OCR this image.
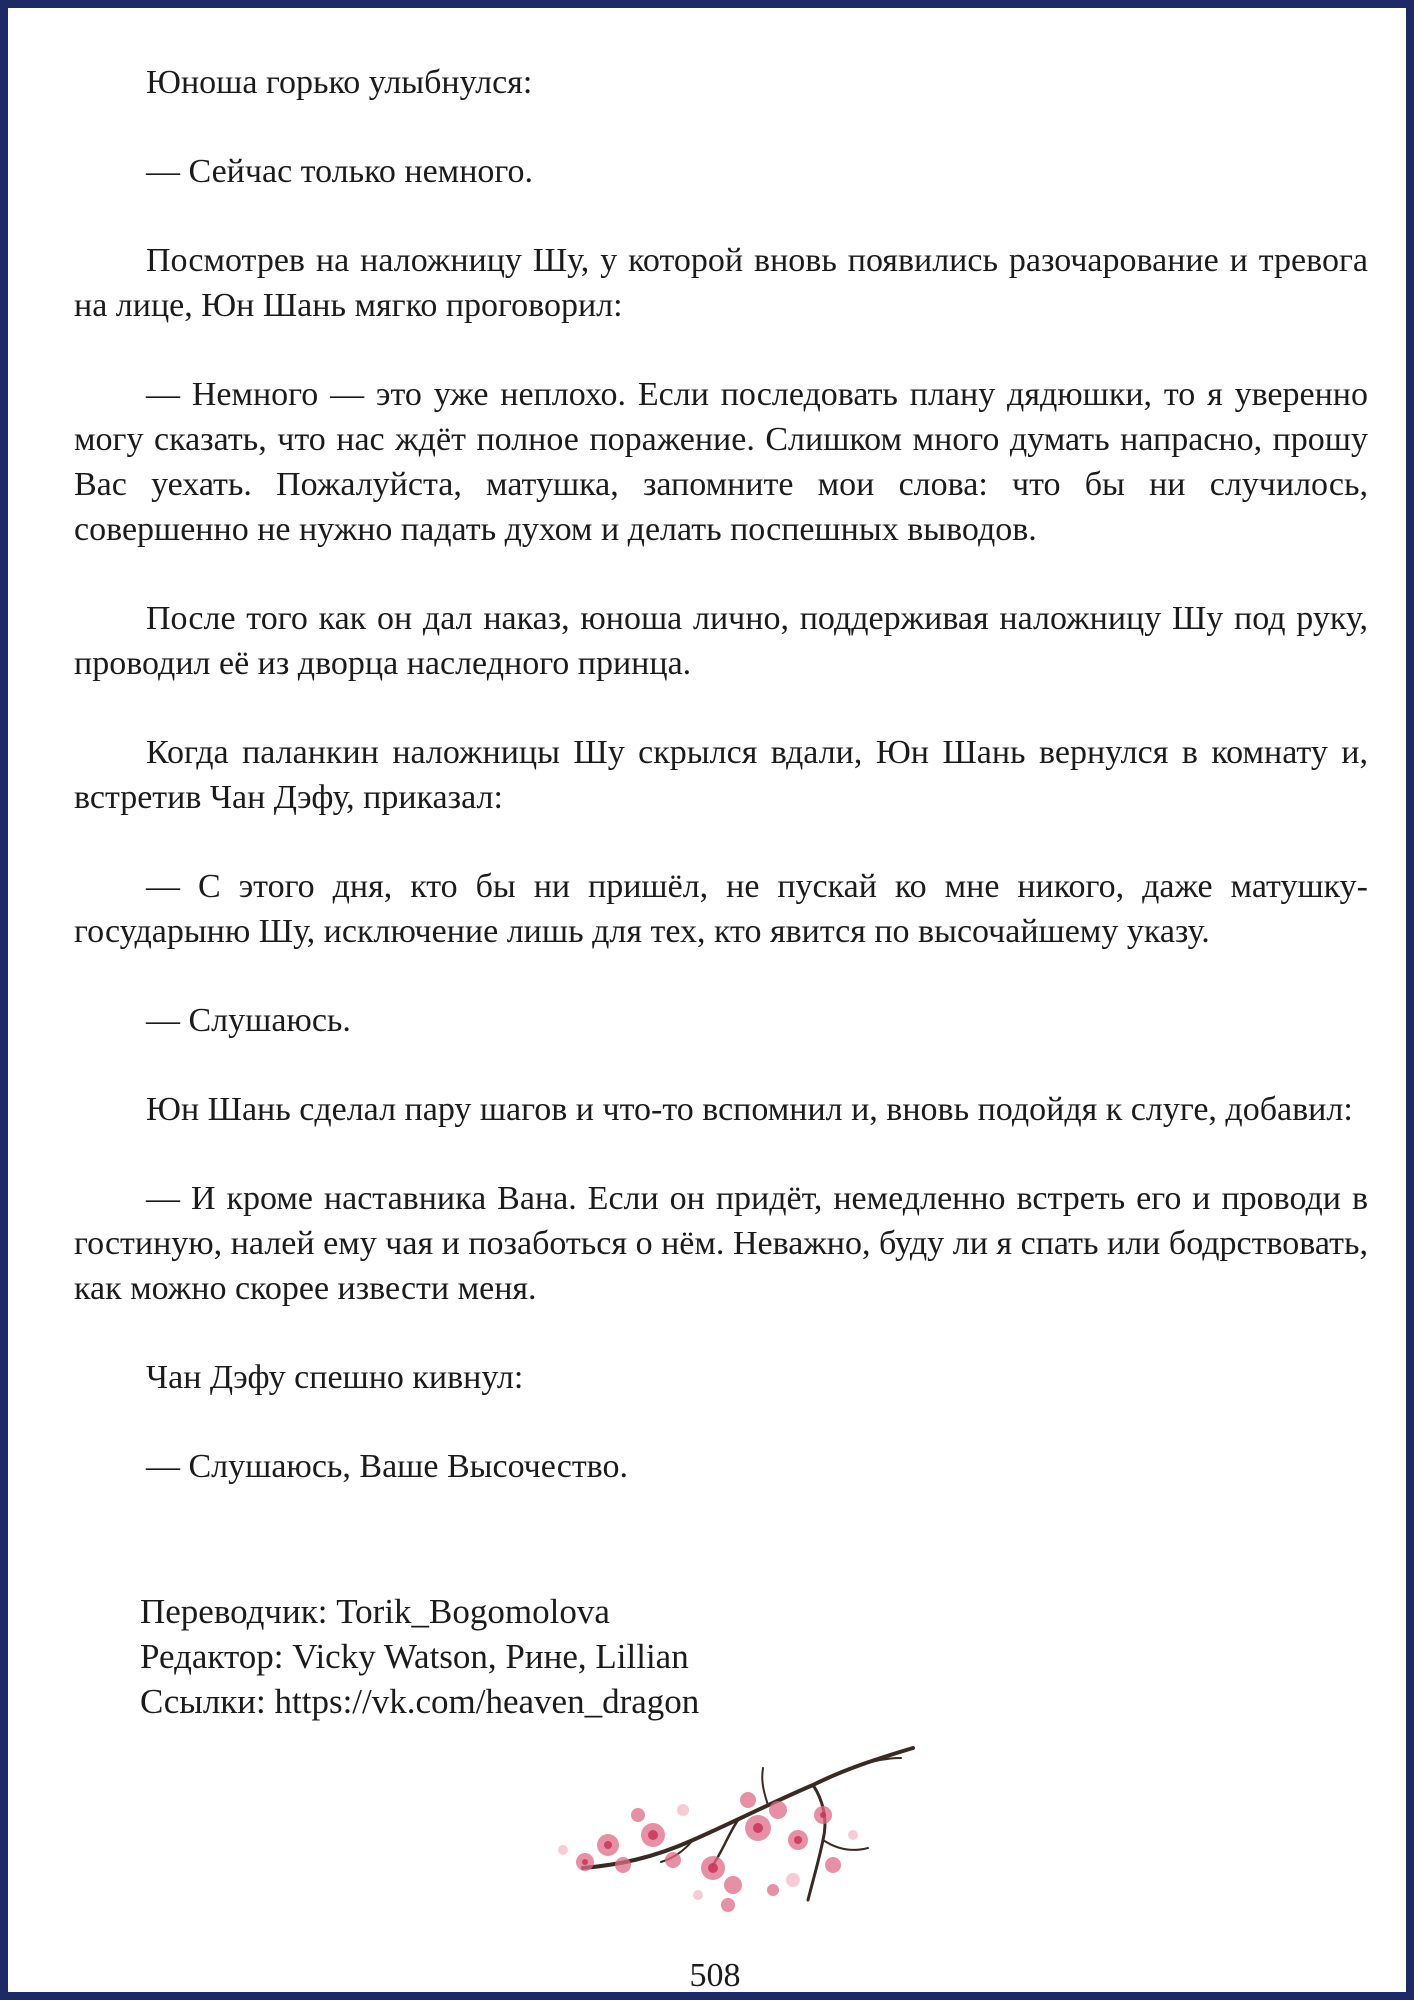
Юноша горько улыбнулся:

— Сейчас только немного.

Посмотрев на наложницу Шу, у которой вновь появились разочарование и тревога на лице, Юн Шань мягко проговорил:

— Немного — это уже неплохо. Если последовать плану дядюшки, то я уверенно могу сказать, что нас ждёт полное поражение. Слишком много думать напрасно, прошу Вас уехать. Пожалуйста, матушка, запомните мои слова: что бы ни случилось, совершенно не нужно падать духом и делать поспешных выводов.

После того как он дал наказ, юноша лично, поддерживая наложницу Шу под руку, проводил её из дворца наследного принца.

Когда паланкин наложницы Шу скрылся вдали, Юн Шань вернулся в комнату и, встретив Чан Дэфу, приказал:

— С этого дня, кто бы ни пришёл, не пускай ко мне никого, даже матушку-государыню Шу, исключение лишь для тех, кто явится по высочайшему указу.

— Слушаюсь.

Юн Шань сделал пару шагов и что-то вспомнил и, вновь подойдя к слуге, добавил:

— И кроме наставника Вана. Если он придёт, немедленно встреть его и проводи в гостиную, налей ему чая и позаботься о нём. Неважно, буду ли я спать или бодрствовать, как можно скорее извести меня.

Чан Дэфу спешно кивнул:

— Слушаюсь, Ваше Высочество.

Переводчик: Torik_Bogomolova
Редактор: Vicky Watson, Рине, Lillian
Ссылки: https://vk.com/heaven_dragon
508
